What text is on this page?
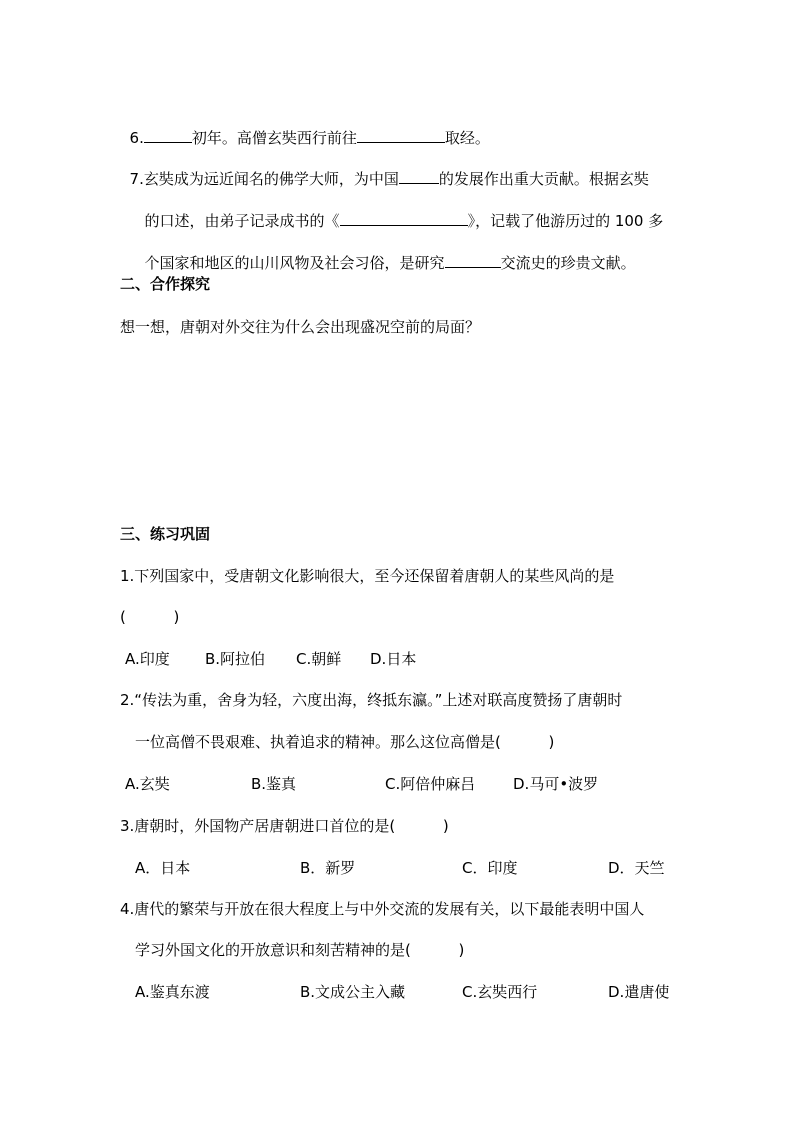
6.	初年。高僧玄奘西行前往	取经。

7.玄奘成为远近闻名的佛学大师，为中国	的发展作出重大贡献。根据玄奘

的口述，由弟子记录成书的《	》，记载了他游历过的 100 多

个国家和地区的山川风物及社会习俗，是研究	交流史的珍贵文献。

二、合作探究
想一想，唐朝对外交往为什么会出现盛况空前的局面？
三、练习巩固
1.下列国家中，受唐朝文化影响很大，至今还保留着唐朝人的某些风尚的是
(          )
A.印度 B.阿拉伯 C.朝鲜 D.日本
2.“传法为重，舍身为轻，六度出海，终抵东瀛。”上述对联高度赞扬了唐朝时
一位高僧不畏艰难、执着追求的精神。那么这位高僧是(          )
A.玄奘	B.鉴真	C.阿倍仲麻吕	D.马可•波罗
3.唐朝时，外国物产居唐朝进口首位的是(          )
A．日本	B．新罗	C．印度	D．天竺
4.唐代的繁荣与开放在很大程度上与中外交流的发展有关，以下最能表明中国人
学习外国文化的开放意识和刻苦精神的是(          )
A.鉴真东渡	B.文成公主入藏	C.玄奘西行	D.遣唐使
